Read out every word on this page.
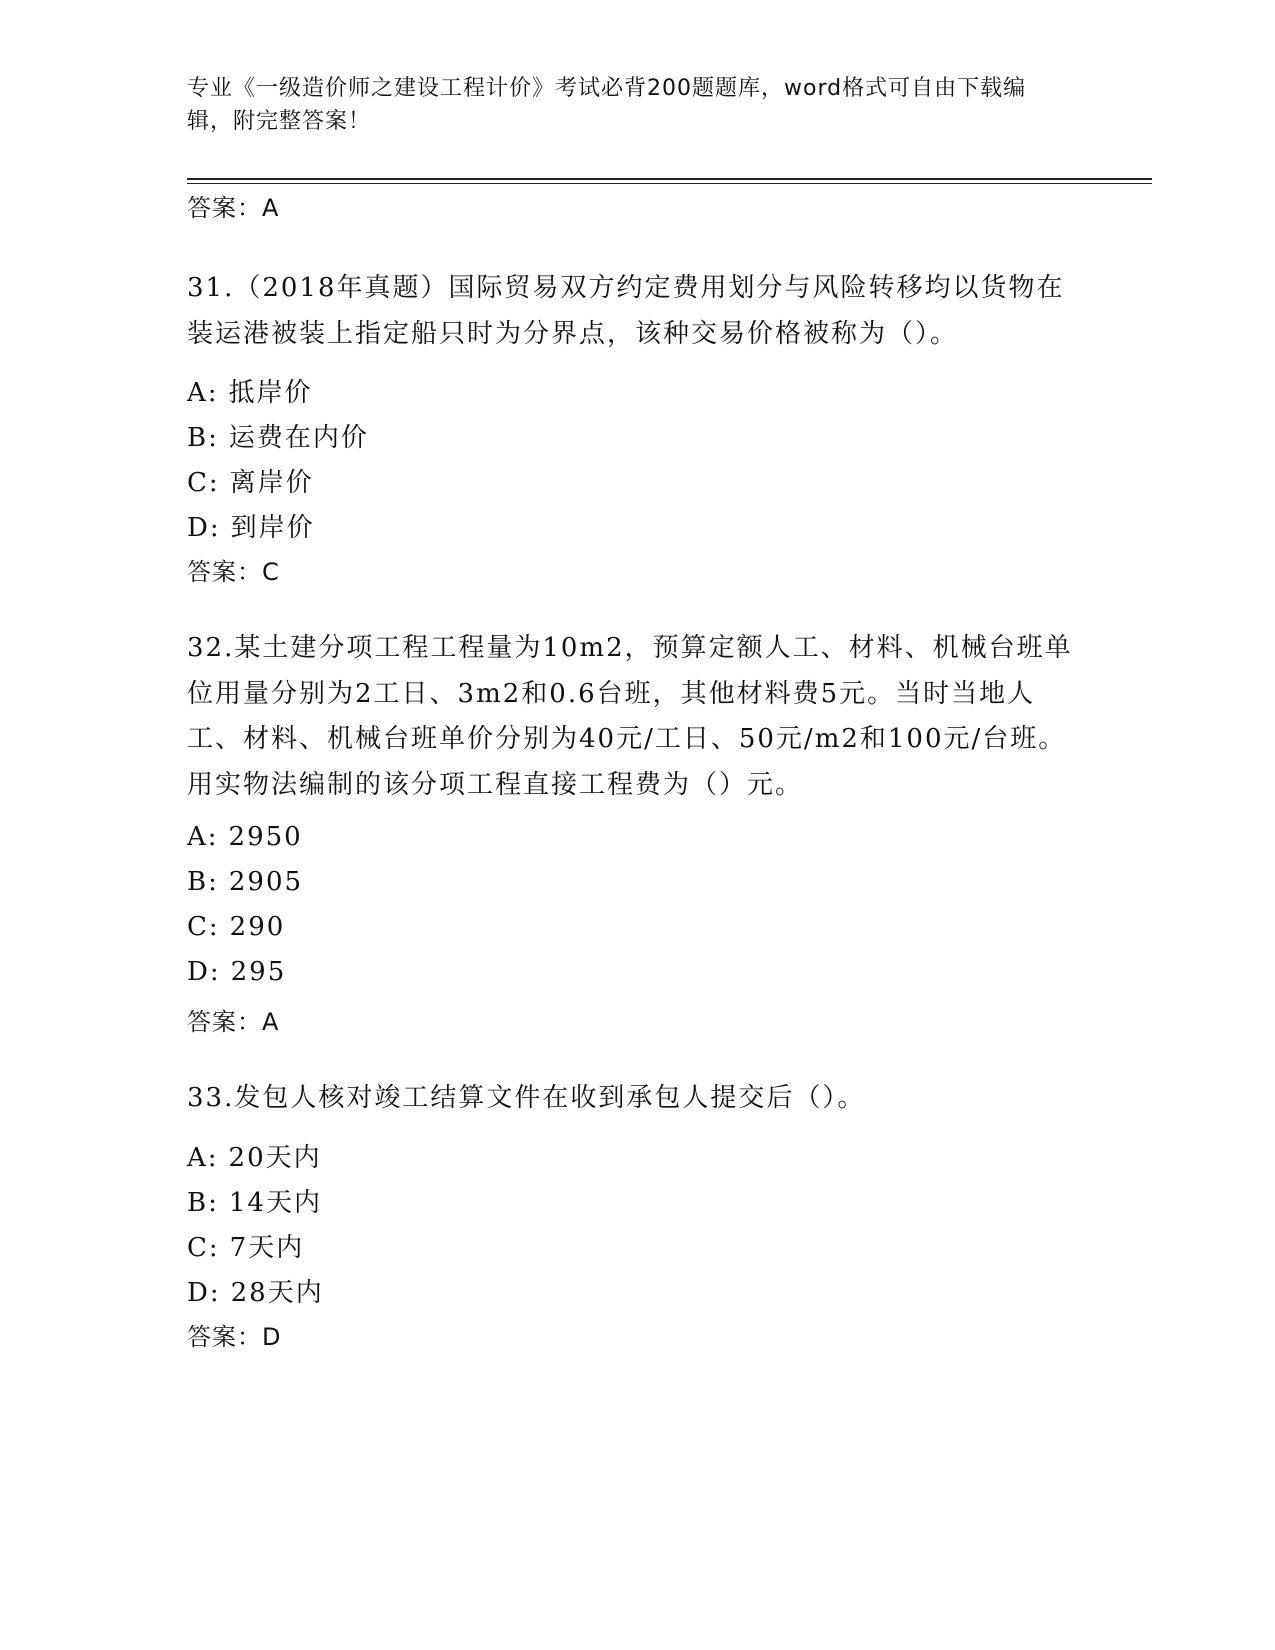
专业《一级造价师之建设工程计价》考试必背200题题库，word格式可自由下载编辑，附完整答案！
答案：A
31.（2018年真题）国际贸易双方约定费用划分与风险转移均以货物在装运港被装上指定船只时为分界点，该种交易价格被称为（）。
A: 抵岸价
B: 运费在内价
C: 离岸价
D: 到岸价
答案：C
32.某土建分项工程工程量为10m2，预算定额人工、材料、机械台班单位用量分别为2工日、3m2和0.6台班，其他材料费5元。当时当地人工、材料、机械台班单价分别为40元/工日、50元/m2和100元/台班。用实物法编制的该分项工程直接工程费为（）元。
A: 2950
B: 2905
C: 290
D: 295
答案：A
33.发包人核对竣工结算文件在收到承包人提交后（）。
A: 20天内
B: 14天内
C: 7天内
D: 28天内
答案：D
